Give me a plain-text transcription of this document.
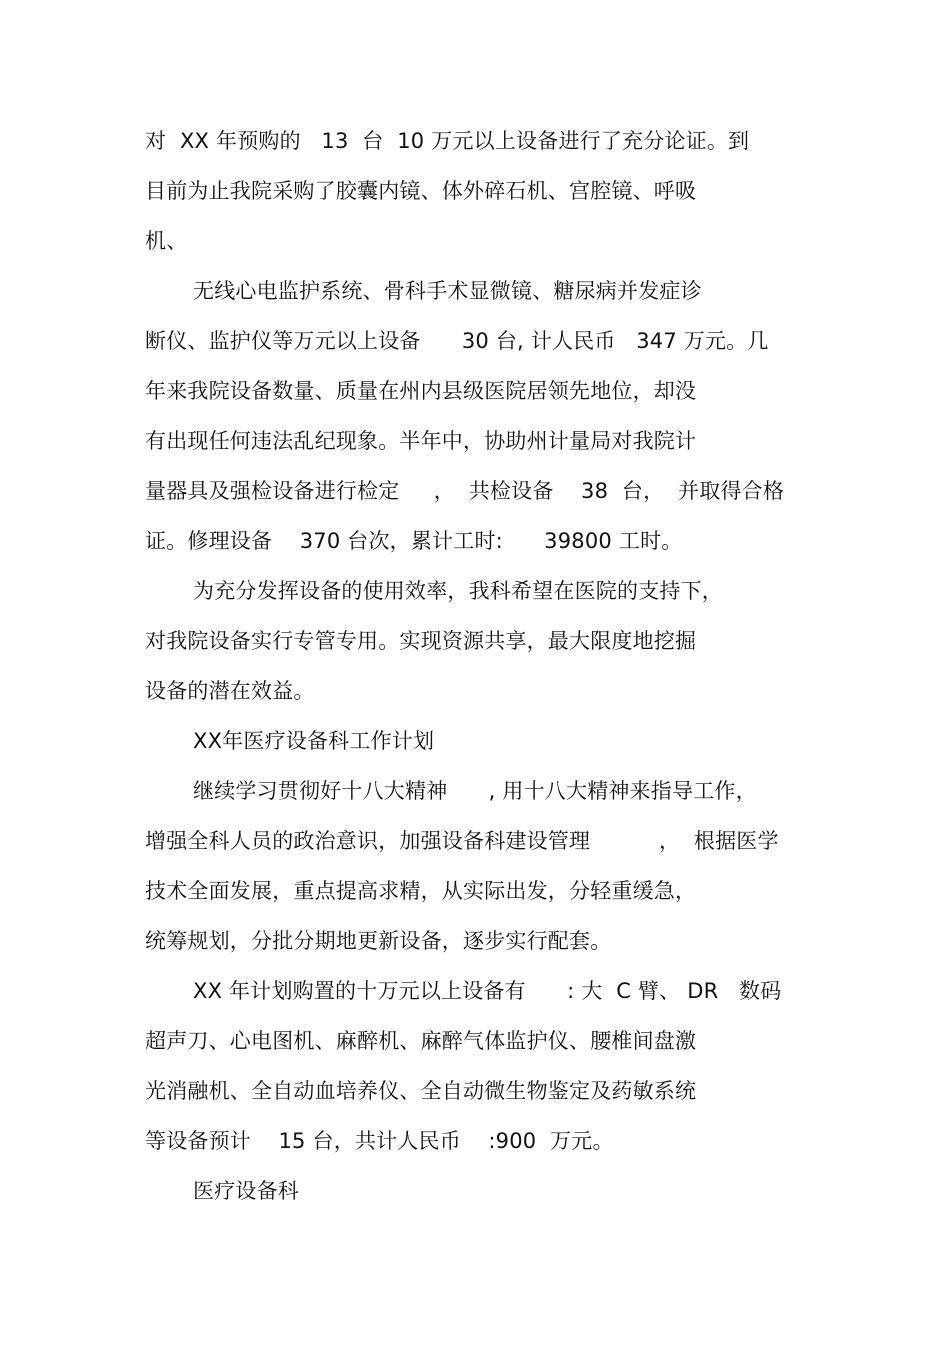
对  XX 年预购的   13  台  10 万元以上设备进行了充分论证。到
目前为止我院采购了胶囊内镜、体外碎石机、宫腔镜、呼吸
机、
无线心电监护系统、骨科手术显微镜、糖尿病并发症诊
断仪、监护仪等万元以上设备      30 台, 计人民币   347 万元。几
年来我院设备数量、质量在州内县级医院居领先地位，却没
有出现任何违法乱纪现象。半年中，协助州计量局对我院计
量器具及强检设备进行检定     ，  共检设备    38  台，  并取得合格
证。修理设备    370 台次，累计工时:      39800 工时。
为充分发挥设备的使用效率，我科希望在医院的支持下，
对我院设备实行专管专用。实现资源共享，最大限度地挖掘
设备的潜在效益。
XX年医疗设备科工作计划
继续学习贯彻好十八大精神      , 用十八大精神来指导工作，
增强全科人员的政治意识，加强设备科建设管理          ，  根据医学
技术全面发展，重点提高求精，从实际出发，分轻重缓急，
统筹规划，分批分期地更新设备，逐步实行配套。
XX 年计划购置的十万元以上设备有      : 大  C 臂、 DR   数码
超声刀、心电图机、麻醉机、麻醉气体监护仪、腰椎间盘激
光消融机、全自动血培养仪、全自动微生物鉴定及药敏系统
等设备预计    15 台，共计人民币    :900  万元。
医疗设备科
